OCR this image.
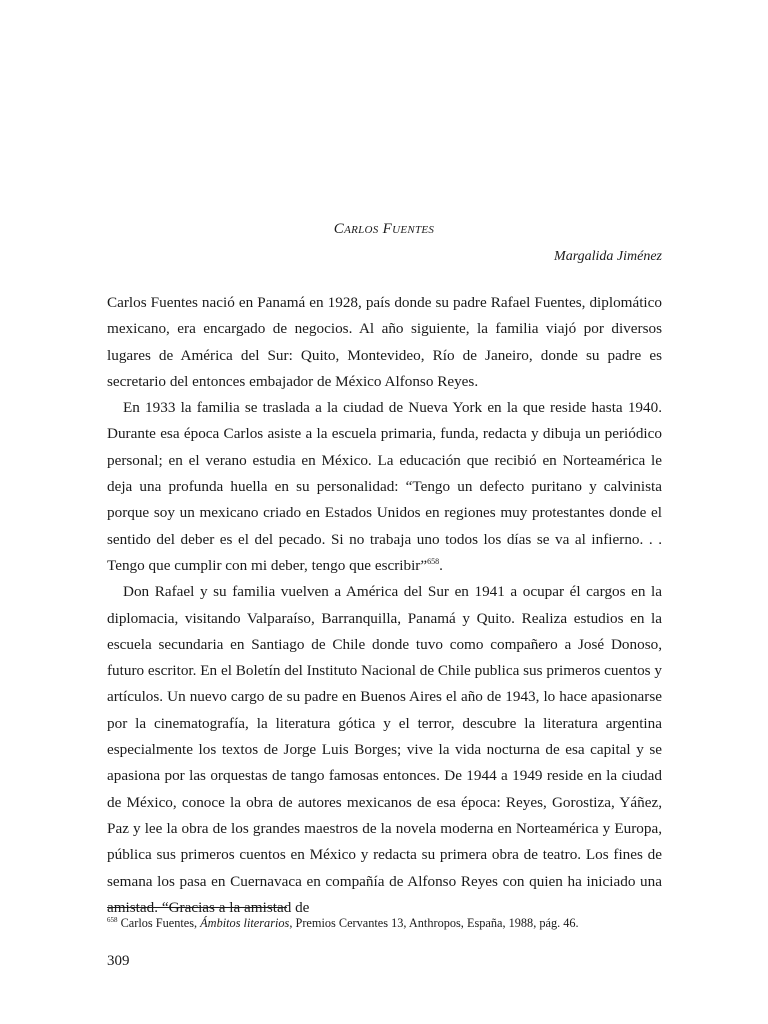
Carlos Fuentes
Margalida Jiménez

Carlos Fuentes nació en Panamá en 1928, país donde su padre Rafael Fuentes, diplomático mexicano, era encargado de negocios. Al año siguiente, la familia viajó por diversos lugares de América del Sur: Quito, Montevideo, Río de Janeiro, donde su padre es secretario del entonces embajador de México Alfonso Reyes.

En 1933 la familia se traslada a la ciudad de Nueva York en la que reside hasta 1940. Durante esa época Carlos asiste a la escuela primaria, funda, redacta y dibuja un periódico personal; en el verano estudia en México. La educación que recibió en Norteamérica le deja una profunda huella en su personalidad: “Tengo un defecto puritano y calvinista porque soy un mexicano criado en Estados Unidos en regiones muy protestantes donde el sentido del deber es el del pecado. Si no trabaja uno todos los días se va al infierno. . . Tengo que cumplir con mi deber, tengo que escribir”$^{658}$.

Don Rafael y su familia vuelven a América del Sur en 1941 a ocupar él cargos en la diplomacia, visitando Valparaíso, Barranquilla, Panamá y Quito. Realiza estudios en la escuela secundaria en Santiago de Chile donde tuvo como compañero a José Donoso, futuro escritor. En el Boletín del Instituto Nacional de Chile publica sus primeros cuentos y artículos. Un nuevo cargo de su padre en Buenos Aires el año de 1943, lo hace apasionarse por la cinematografía, la literatura gótica y el terror, descubre la literatura argentina especialmente los textos de Jorge Luis Borges; vive la vida nocturna de esa capital y se apasiona por las orquestas de tango famosas entonces. De 1944 a 1949 reside en la ciudad de México, conoce la obra de autores mexicanos de esa época: Reyes, Gorostiza, Yáñez, Paz y lee la obra de los grandes maestros de la novela moderna en Norteamérica y Europa, pública sus primeros cuentos en México y redacta su primera obra de teatro. Los fines de semana los pasa en Cuernavaca en compañía de Alfonso Reyes con quien ha iniciado una amistad. “Gracias a la amistad de

$^{658}$ Carlos Fuentes, Ámbitos literarios, Premios Cervantes 13, Anthropos, España, 1988, pág. 46.
309
